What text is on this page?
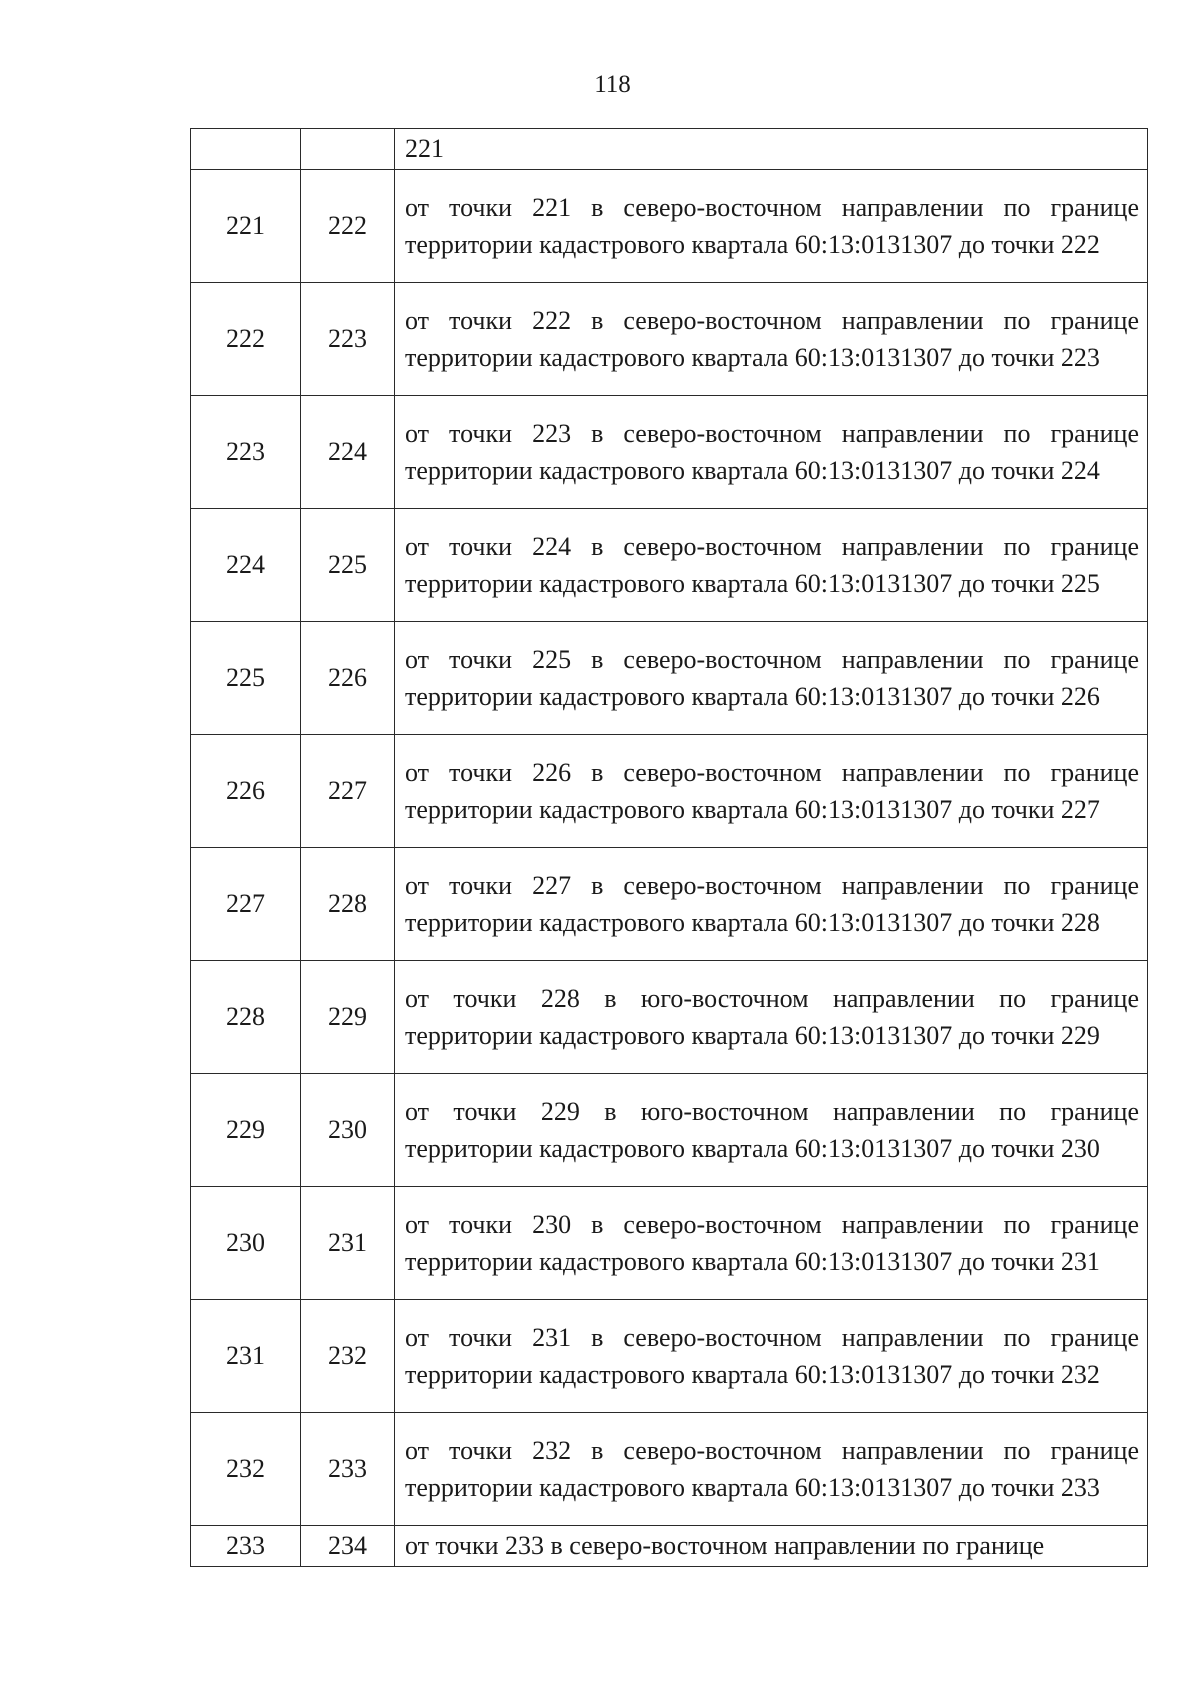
118
		221
221	222	от точки 221 в северо-восточном направлении по границе территории кадастрового квартала 60:13:0131307 до точки 222
222	223	от точки 222 в северо-восточном направлении по границе территории кадастрового квартала 60:13:0131307 до точки 223
223	224	от точки 223 в северо-восточном направлении по границе территории кадастрового квартала 60:13:0131307 до точки 224
224	225	от точки 224 в северо-восточном направлении по границе территории кадастрового квартала 60:13:0131307 до точки 225
225	226	от точки 225 в северо-восточном направлении по границе территории кадастрового квартала 60:13:0131307 до точки 226
226	227	от точки 226 в северо-восточном направлении по границе территории кадастрового квартала 60:13:0131307 до точки 227
227	228	от точки 227 в северо-восточном направлении по границе территории кадастрового квартала 60:13:0131307 до точки 228
228	229	от точки 228 в юго-восточном направлении по границе территории кадастрового квартала 60:13:0131307 до точки 229
229	230	от точки 229 в юго-восточном направлении по границе территории кадастрового квартала 60:13:0131307 до точки 230
230	231	от точки 230 в северо-восточном направлении по границе территории кадастрового квартала 60:13:0131307 до точки 231
231	232	от точки 231 в северо-восточном направлении по границе территории кадастрового квартала 60:13:0131307 до точки 232
232	233	от точки 232 в северо-восточном направлении по границе территории кадастрового квартала 60:13:0131307 до точки 233
233	234	от точки 233 в северо-восточном направлении по границе
